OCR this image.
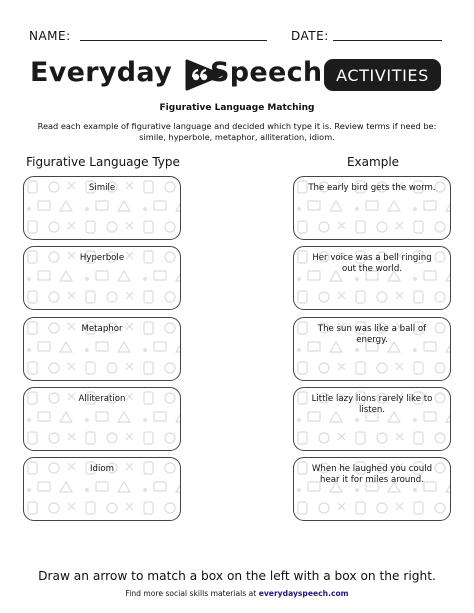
NAME:	DATE:
Everyday Speech ACTIVITIES
Figurative Language Matching
Read each example of figurative language and decided which type it is. Review terms if need be: simile, hyperbole, metaphor, alliteration, idiom.
Figurative Language Type	Example
Simile
Hyperbole
Metaphor
Alliteration
Idiom
The early bird gets the worm.
Her voice was a bell ringing
out the world.
The sun was like a ball of
energy.
Little lazy lions rarely like to
listen.
When he laughed you could
hear it for miles around.
Draw an arrow to match a box on the left with a box on the right.
Find more social skills materials at everydayspeech.com
